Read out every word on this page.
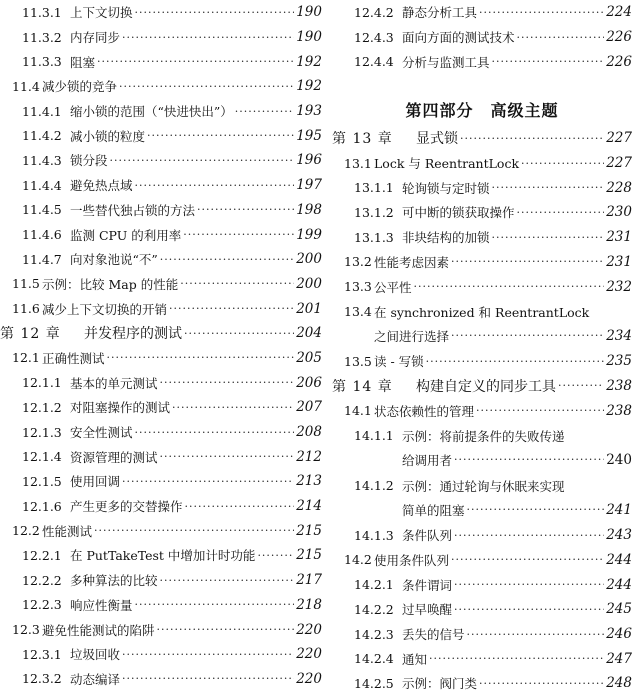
11.3.1 上下文切换 ·····	190
11.3.2 内存同步 ·····	190
11.3.3 阻塞 ·····	192
11.4 减少锁的竞争 ·····	192
11.4.1 缩小锁的范围（“快进快出”） ·····	193
11.4.2 减小锁的粒度 ·····	195
11.4.3 锁分段 ·····	196
11.4.4 避免热点域 ·····	197
11.4.5 一些替代独占锁的方法 ·····	198
11.4.6 监测 CPU 的利用率 ·····	199
11.4.7 向对象池说“不” ·····	200
11.5 示例：比较 Map 的性能 ·····	200
11.6 减少上下文切换的开销 ·····	201
第 12 章	并发程序的测试 ·····	204
12.1 正确性测试 ·····	205
12.1.1 基本的单元测试 ·····	206
12.1.2 对阻塞操作的测试 ·····	207
12.1.3 安全性测试 ·····	208
12.1.4 资源管理的测试 ·····	212
12.1.5 使用回调 ·····	213
12.1.6 产生更多的交替操作 ·····	214
12.2 性能测试 ·····	215
12.2.1 在 PutTakeTest 中增加计时功能 ·····	215
12.2.2 多种算法的比较 ·····	217
12.2.3 响应性衡量 ·····	218
12.3 避免性能测试的陷阱 ·····	220
12.3.1 垃圾回收 ·····	220
12.3.2 动态编译 ·····	220
12.4.2 静态分析工具 ·····	224
12.4.3 面向方面的测试技术 ·····	226
12.4.4 分析与监测工具 ·····	226
第四部分　高级主题
第 13 章	显式锁 ·····	227
13.1 Lock 与 ReentrantLock ·····	227
13.1.1 轮询锁与定时锁 ·····	228
13.1.2 可中断的锁获取操作 ·····	230
13.1.3 非块结构的加锁 ·····	231
13.2 性能考虑因素 ·····	231
13.3 公平性 ·····	232
13.4 在 synchronized 和 ReentrantLock
之间进行选择 ·····	234
13.5 读 - 写锁 ·····	235
第 14 章	构建自定义的同步工具 ·····	238
14.1 状态依赖性的管理 ·····	238
14.1.1 示例：将前提条件的失败传递
给调用者 ·····	240
14.1.2 示例：通过轮询与休眠来实现
简单的阻塞 ·····	241
14.1.3 条件队列 ·····	243
14.2 使用条件队列 ·····	244
14.2.1 条件谓词 ·····	244
14.2.2 过早唤醒 ·····	245
14.2.3 丢失的信号 ·····	246
14.2.4 通知 ·····	247
14.2.5 示例：阀门类 ·····	248
